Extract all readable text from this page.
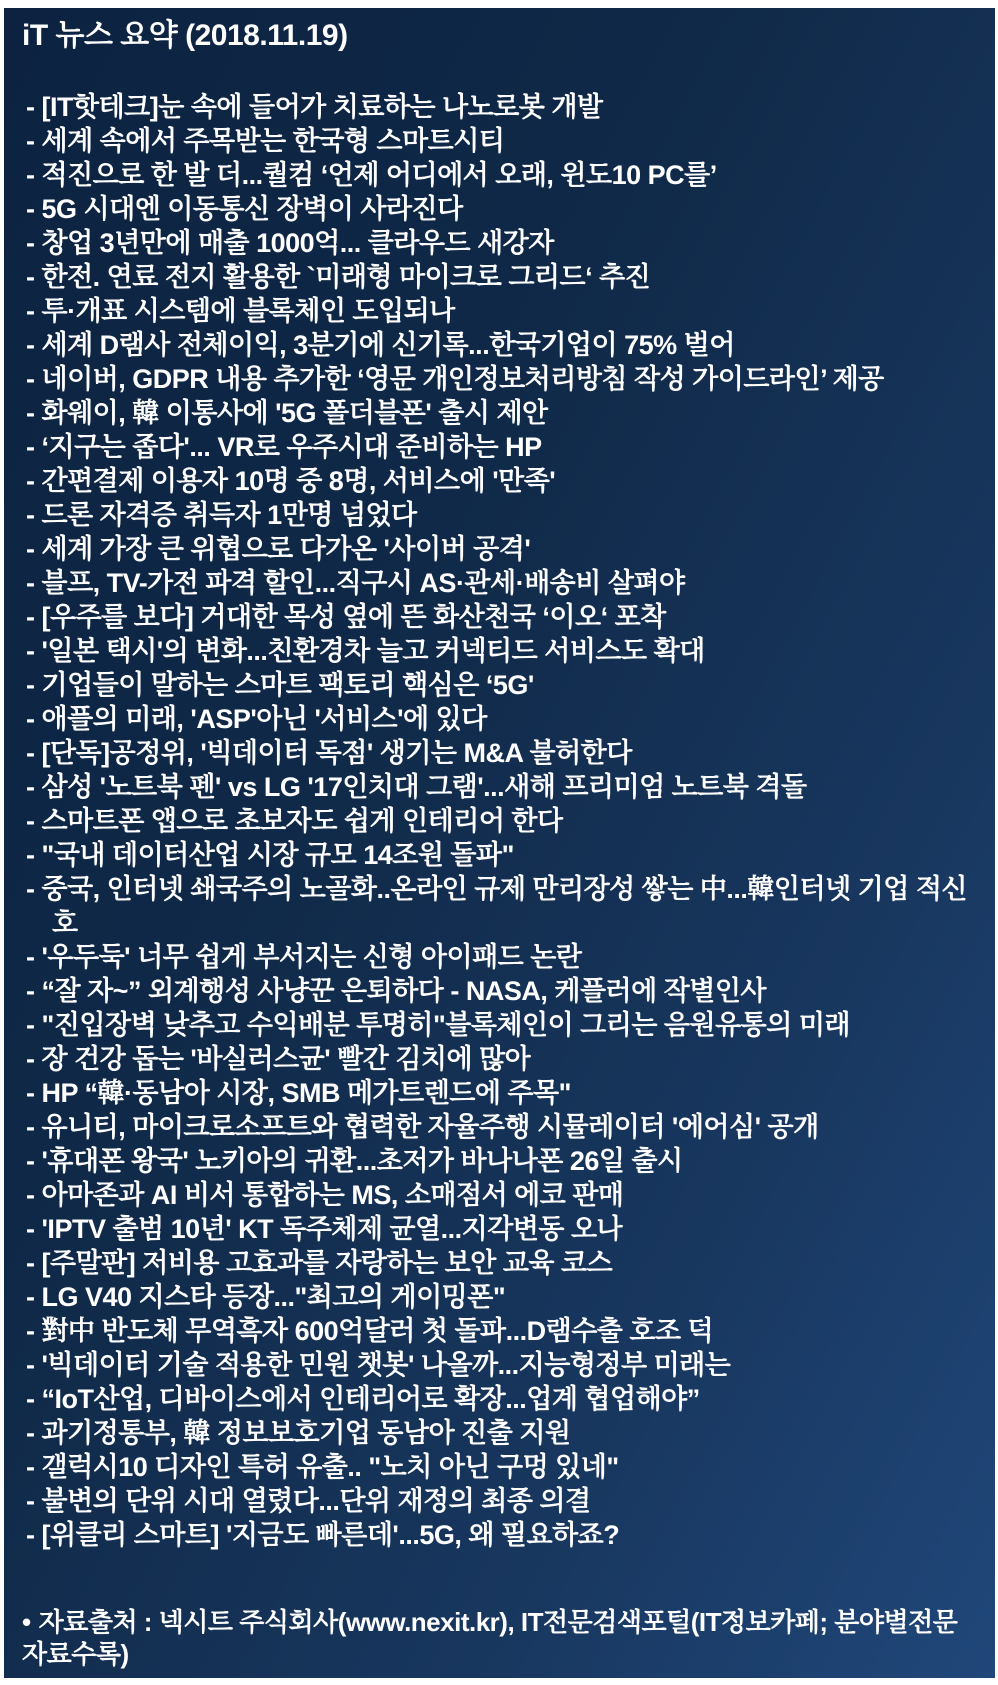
iT 뉴스 요약 (2018.11.19)
- [IT핫테크]눈 속에 들어가 치료하는 나노로봇 개발
- 세계 속에서 주목받는 한국형 스마트시티
- 적진으로 한 발 더...퀄컴 ‘언제 어디에서 오래, 윈도10 PC를’
- 5G 시대엔 이동통신 장벽이 사라진다
- 창업 3년만에 매출 1000억... 클라우드 새강자
- 한전. 연료 전지 활용한 `미래형 마이크로 그리드‘ 추진
- 투·개표 시스템에 블록체인 도입되나
- 세계 D램사 전체이익, 3분기에 신기록...한국기업이 75% 벌어
- 네이버, GDPR 내용 추가한 ‘영문 개인정보처리방침 작성 가이드라인’ 제공
- 화웨이, 韓 이통사에 '5G 폴더블폰' 출시 제안
- ‘지구는 좁다'... VR로 우주시대 준비하는 HP
- 간편결제 이용자 10명 중 8명, 서비스에 '만족'
- 드론 자격증 취득자 1만명 넘었다
- 세계 가장 큰 위협으로 다가온 '사이버 공격'
- 블프, TV-가전 파격 할인...직구시 AS·관세·배송비 살펴야
- [우주를 보다] 거대한 목성 옆에 뜬 화산천국 ‘이오‘ 포착
- '일본 택시'의 변화...친환경차 늘고 커넥티드 서비스도 확대
- 기업들이 말하는 스마트 팩토리 핵심은 ‘5G'
- 애플의 미래, 'ASP'아닌 '서비스'에 있다
- [단독]공정위, '빅데이터 독점' 생기는 M&A 불허한다
- 삼성 '노트북 펜' vs LG '17인치대 그램'...새해 프리미엄 노트북 격돌
- 스마트폰 앱으로 초보자도 쉽게 인테리어 한다
- "국내 데이터산업 시장 규모 14조원 돌파"
- 중국, 인터넷 쇄국주의 노골화..온라인 규제 만리장성 쌓는 中...韓인터넷 기업 적신호
- '우두둑' 너무 쉽게 부서지는 신형 아이패드 논란
- “잘 자~” 외계행성 사냥꾼 은퇴하다 - NASA, 케플러에 작별인사
- "진입장벽 낮추고 수익배분 투명히"블록체인이 그리는 음원유통의 미래
- 장 건강 돕는 '바실러스균' 빨간 김치에 많아
- HP “韓·동남아 시장, SMB 메가트렌드에 주목"
- 유니티, 마이크로소프트와 협력한 자율주행 시뮬레이터 '에어심' 공개
- '휴대폰 왕국' 노키아의 귀환...초저가 바나나폰 26일 출시
- 아마존과 AI 비서 통합하는 MS, 소매점서 에코 판매
- 'IPTV 출범 10년' KT 독주체제 균열...지각변동 오나
- [주말판] 저비용 고효과를 자랑하는 보안 교육 코스
- LG V40 지스타 등장..."최고의 게이밍폰"
- 對中 반도체 무역흑자 600억달러 첫 돌파...D램수출 호조 덕
- '빅데이터 기술 적용한 민원 챗봇' 나올까...지능형정부 미래는
- “IoT산업, 디바이스에서 인테리어로 확장...업계 협업해야”
- 과기정통부, 韓 정보보호기업 동남아 진출 지원
- 갤럭시10 디자인 특허 유출.. "노치 아닌 구멍 있네"
- 불변의 단위 시대 열렸다...단위 재정의 최종 의결
- [위클리 스마트] '지금도 빠른데'...5G, 왜 필요하죠?
• 자료출처 : 넥시트 주식회사(www.nexit.kr), IT전문검색포털(IT정보카페; 분야별전문자료수록)
